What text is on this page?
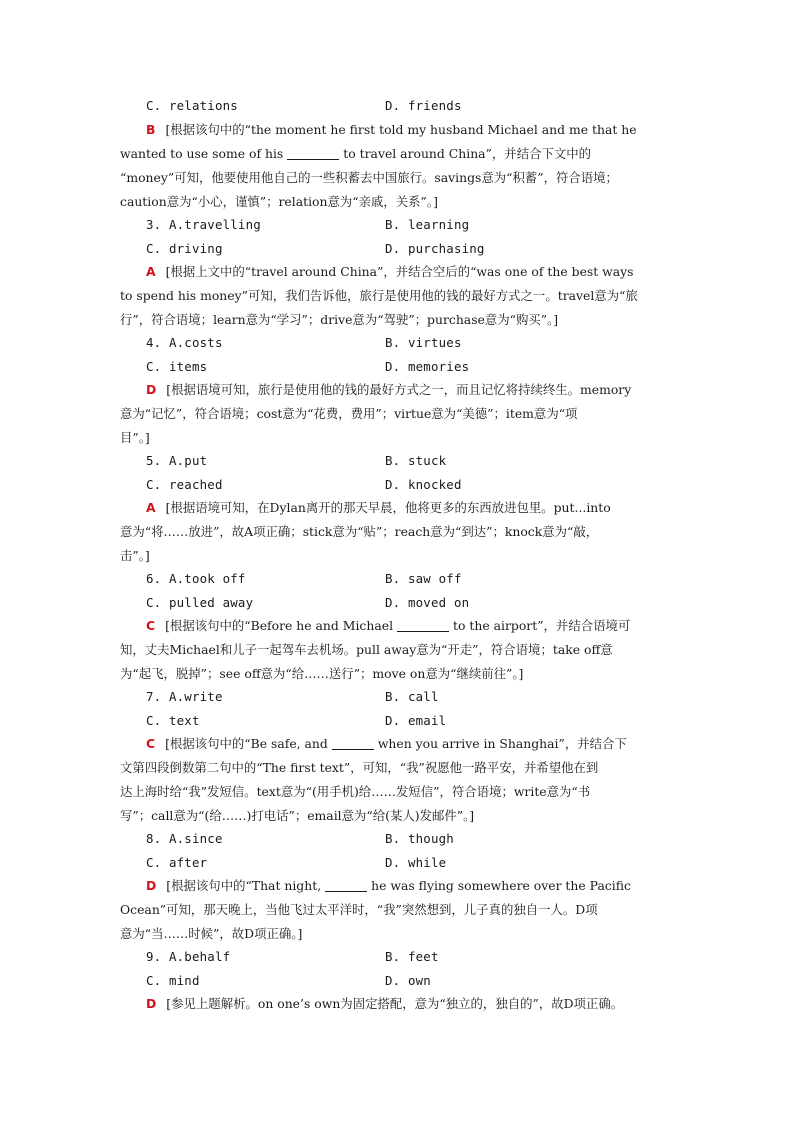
C. relations	D. friends
B [根据该句中的“the moment he first told my husband Michael and me that he
wanted to use some of his	to travel around China”，并结合下文中的
“money”可知，他要使用他自己的一些积蓄去中国旅行。savings意为“积蓄”，符合语境；
caution意为“小心，谨慎”；relation意为“亲戚，关系”。]
3. A.travelling	B. learning
C. driving	D. purchasing
A [根据上文中的“travel around China”，并结合空后的“was one of the best ways
to spend his money”可知，我们告诉他，旅行是使用他的钱的最好方式之一。travel意为“旅
行”，符合语境；learn意为“学习”；drive意为“驾驶”；purchase意为“购买”。]
4. A.costs	B. virtues
C. items	D. memories
D [根据语境可知，旅行是使用他的钱的最好方式之一，而且记忆将持续终生。memory
意为“记忆”，符合语境；cost意为“花费，费用”；virtue意为“美德”；item意为“项
目”。]
5. A.put	B. stuck
C. reached	D. knocked
A [根据语境可知，在Dylan离开的那天早晨，他将更多的东西放进包里。put...into
意为“将……放进”，故A项正确；stick意为“贴”；reach意为“到达”；knock意为“敲，
击”。]
6. A.took off	B. saw off
C. pulled away	D. moved on
C [根据该句中的“Before he and Michael	to the airport”，并结合语境可
知，丈夫Michael和儿子一起驾车去机场。pull away意为“开走”，符合语境；take off意
为“起飞，脱掉”；see off意为“给……送行”；move on意为“继续前往”。]
7. A.write	B. call
C. text	D. email
C [根据该句中的“Be safe, and	when you arrive in Shanghai”，并结合下
文第四段倒数第二句中的“The first text”，可知，“我”祝愿他一路平安，并希望他在到
达上海时给“我”发短信。text意为“(用手机)给……发短信”，符合语境；write意为“书
写”；call意为“(给……)打电话”；email意为“给(某人)发邮件”。]
8. A.since	B. though
C. after	D. while
D [根据该句中的“That night,	he was flying somewhere over the Pacific
Ocean”可知，那天晚上，当他飞过太平洋时，“我”突然想到，儿子真的独自一人。D项
意为“当……时候”，故D项正确。]
9. A.behalf	B. feet
C. mind	D. own
D [参见上题解析。on one’s own为固定搭配，意为“独立的，独自的”，故D项正确。
